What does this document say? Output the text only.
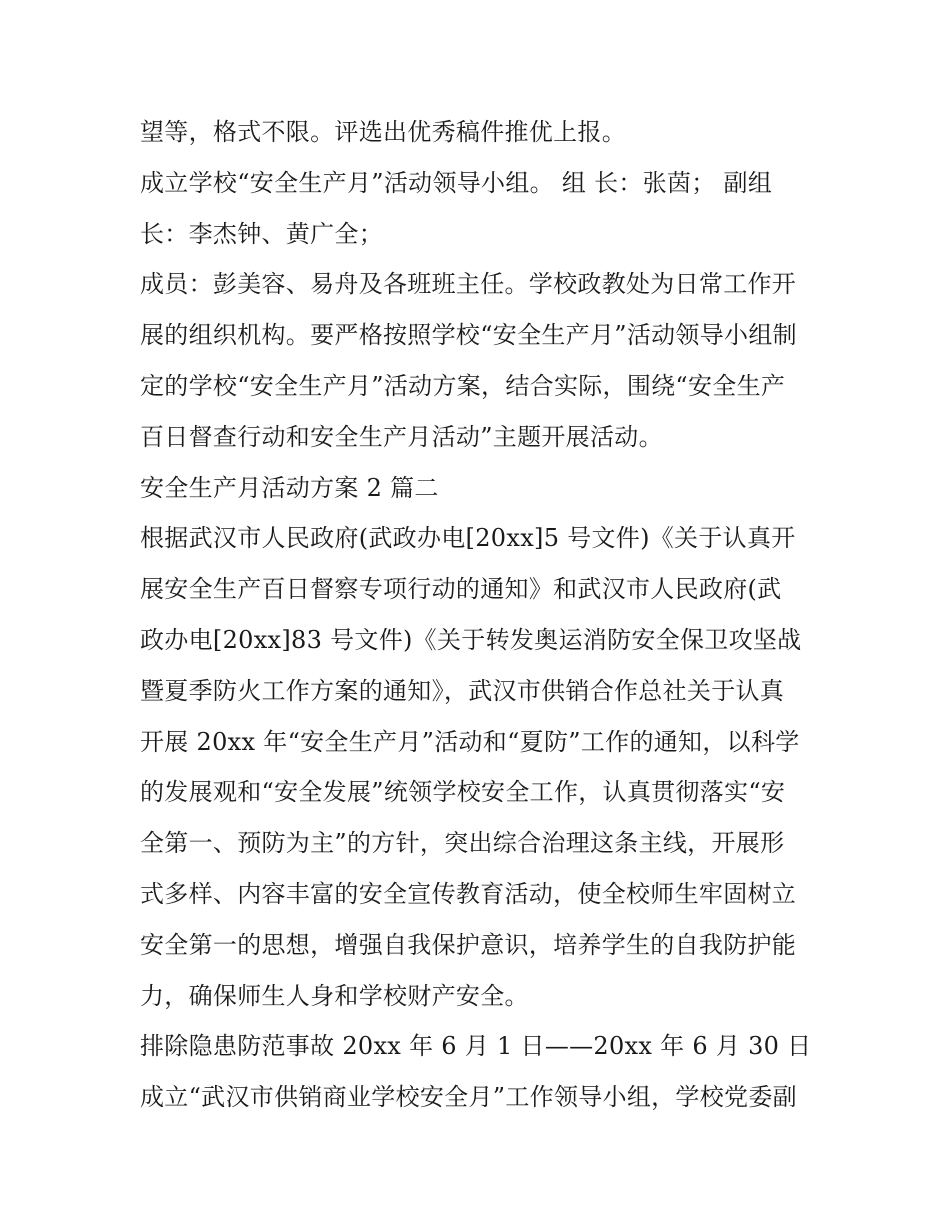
望等，格式不限。评选出优秀稿件推优上报。
成立学校“安全生产月”活动领导小组。 组 长：张茵； 副组
长：李杰钟、黄广全；
成员：彭美容、易舟及各班班主任。学校政教处为日常工作开
展的组织机构。要严格按照学校“安全生产月”活动领导小组制
定的学校“安全生产月”活动方案，结合实际，围绕“安全生产
百日督查行动和安全生产月活动”主题开展活动。
安全生产月活动方案 2 篇二
根据武汉市人民政府(武政办电[20xx]5 号文件)《关于认真开
展安全生产百日督察专项行动的通知》和武汉市人民政府(武
政办电[20xx]83 号文件)《关于转发奥运消防安全保卫攻坚战
暨夏季防火工作方案的通知》，武汉市供销合作总社关于认真
开展 20xx 年“安全生产月”活动和“夏防”工作的通知，以科学
的发展观和“安全发展”统领学校安全工作，认真贯彻落实“安
全第一、预防为主”的方针，突出综合治理这条主线，开展形
式多样、内容丰富的安全宣传教育活动，使全校师生牢固树立
安全第一的思想，增强自我保护意识，培养学生的自我防护能
力，确保师生人身和学校财产安全。
排除隐患防范事故 20xx 年 6 月 1 日——20xx 年 6 月 30 日
成立“武汉市供销商业学校安全月”工作领导小组，学校党委副
